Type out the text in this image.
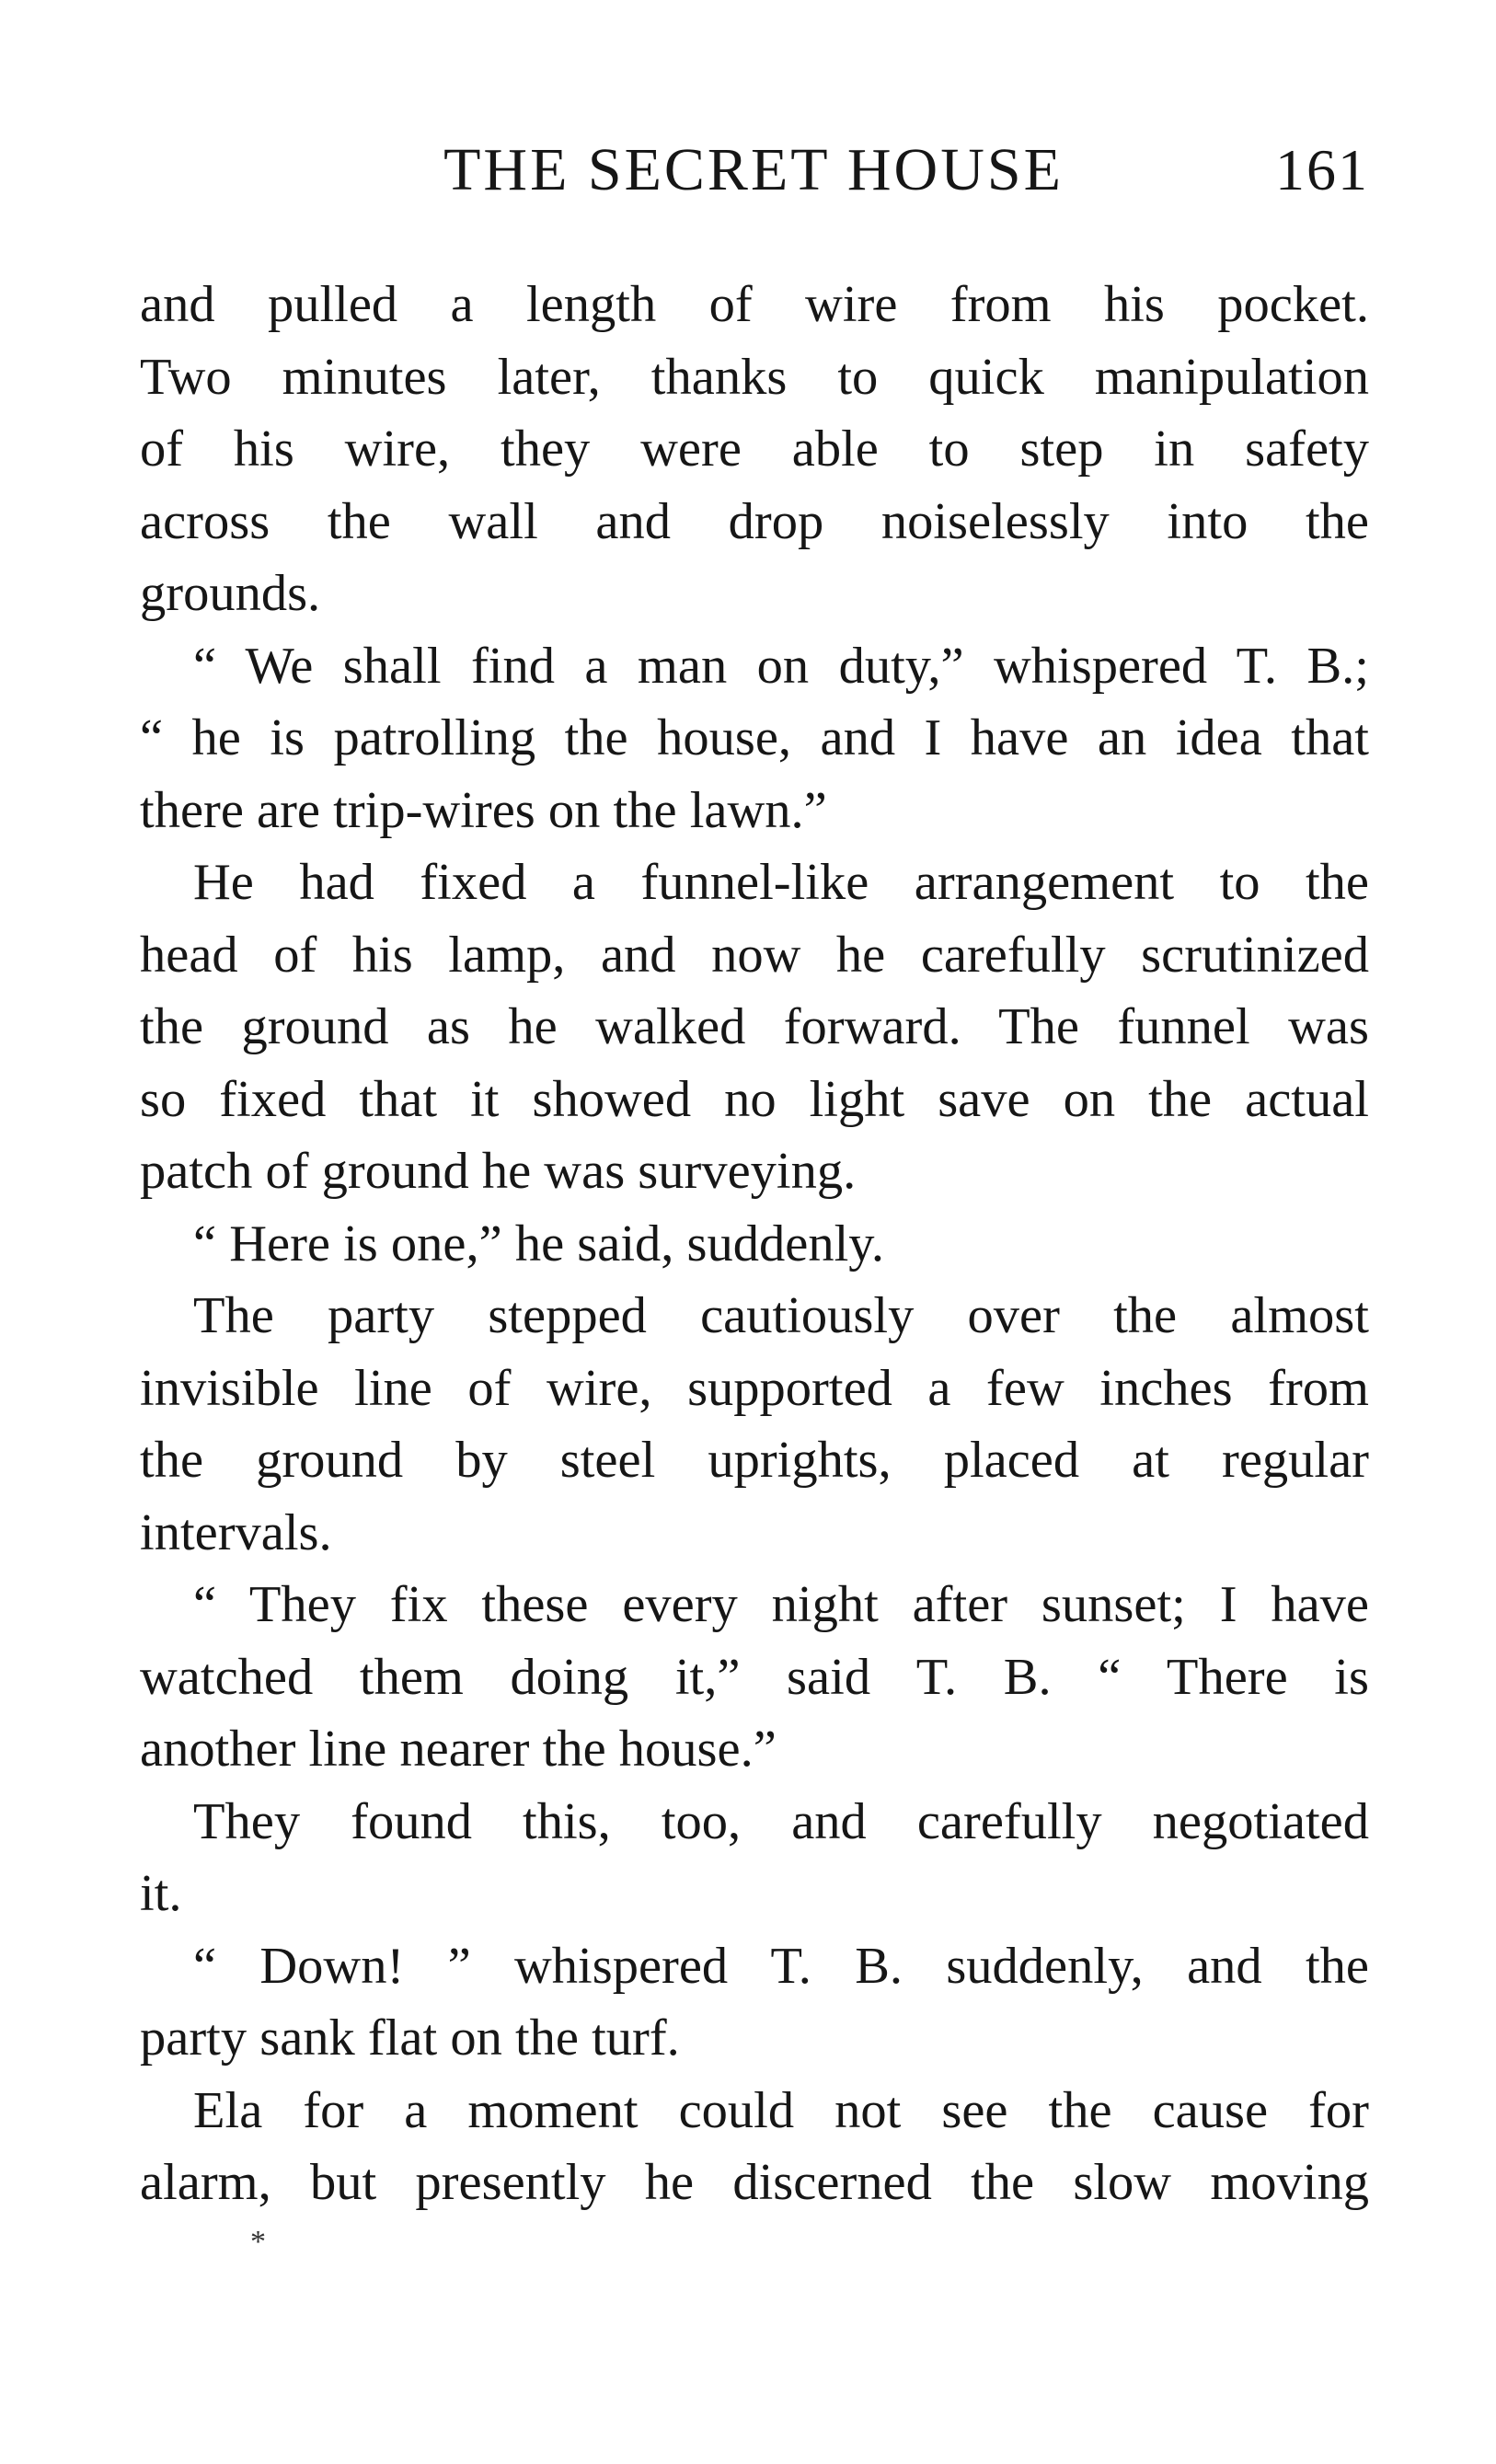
THE SECRET HOUSE	161
and pulled a length of wire from his pocket.
Two minutes later, thanks to quick manipulation
of his wire, they were able to step in safety
across the wall and drop noiselessly into the
grounds.
“ We shall find a man on duty,” whispered T. B.;
“ he is patrolling the house, and I have an idea that
there are trip-wires on the lawn.”
He had fixed a funnel-like arrangement to the
head of his lamp, and now he carefully scrutinized
the ground as he walked forward. The funnel was
so fixed that it showed no light save on the actual
patch of ground he was surveying.
“ Here is one,” he said, suddenly.
The party stepped cautiously over the almost
invisible line of wire, supported a few inches from
the ground by steel uprights, placed at regular
intervals.
“ They fix these every night after sunset; I have
watched them doing it,” said T. B. “ There is
another line nearer the house.”
They found this, too, and carefully negotiated
it.
“ Down! ” whispered T. B. suddenly, and the
party sank flat on the turf.
Ela for a moment could not see the cause for
alarm, but presently he discerned the slow moving
*
